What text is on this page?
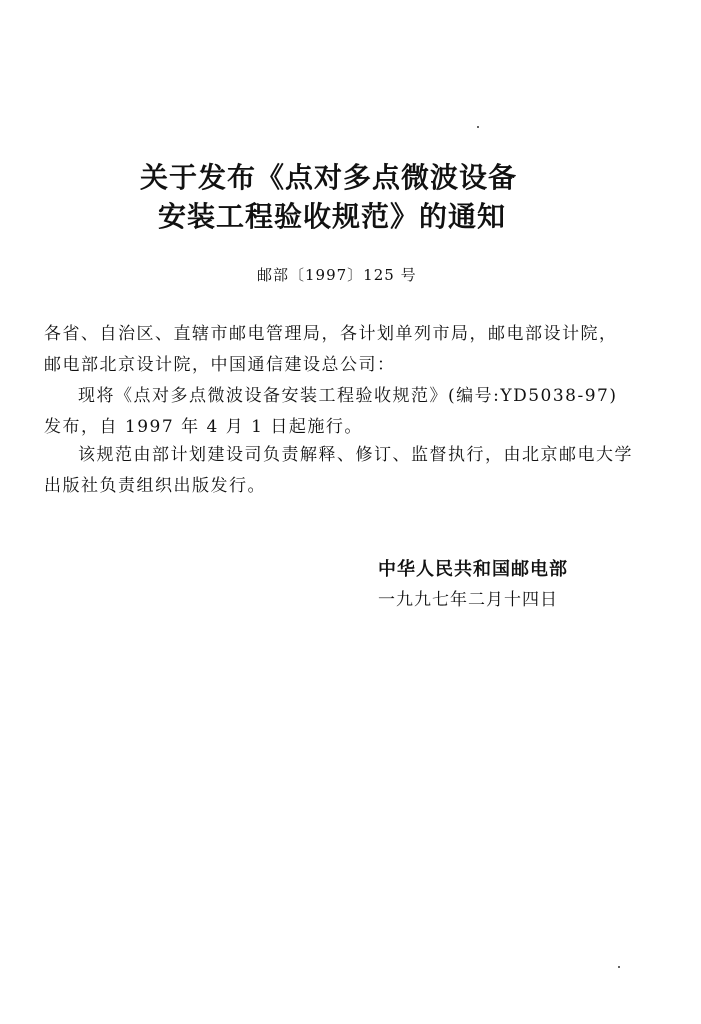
关于发布《点对多点微波设备
安装工程验收规范》的通知
邮部〔1997〕125 号
各省、自治区、直辖市邮电管理局，各计划单列市局，邮电部设计院，邮电部北京设计院，中国通信建设总公司：
现将《点对多点微波设备安装工程验收规范》(编号:YD5038-97)发布，自 1997 年 4 月 1 日起施行。
该规范由部计划建设司负责解释、修订、监督执行，由北京邮电大学出版社负责组织出版发行。
中华人民共和国邮电部
一九九七年二月十四日
